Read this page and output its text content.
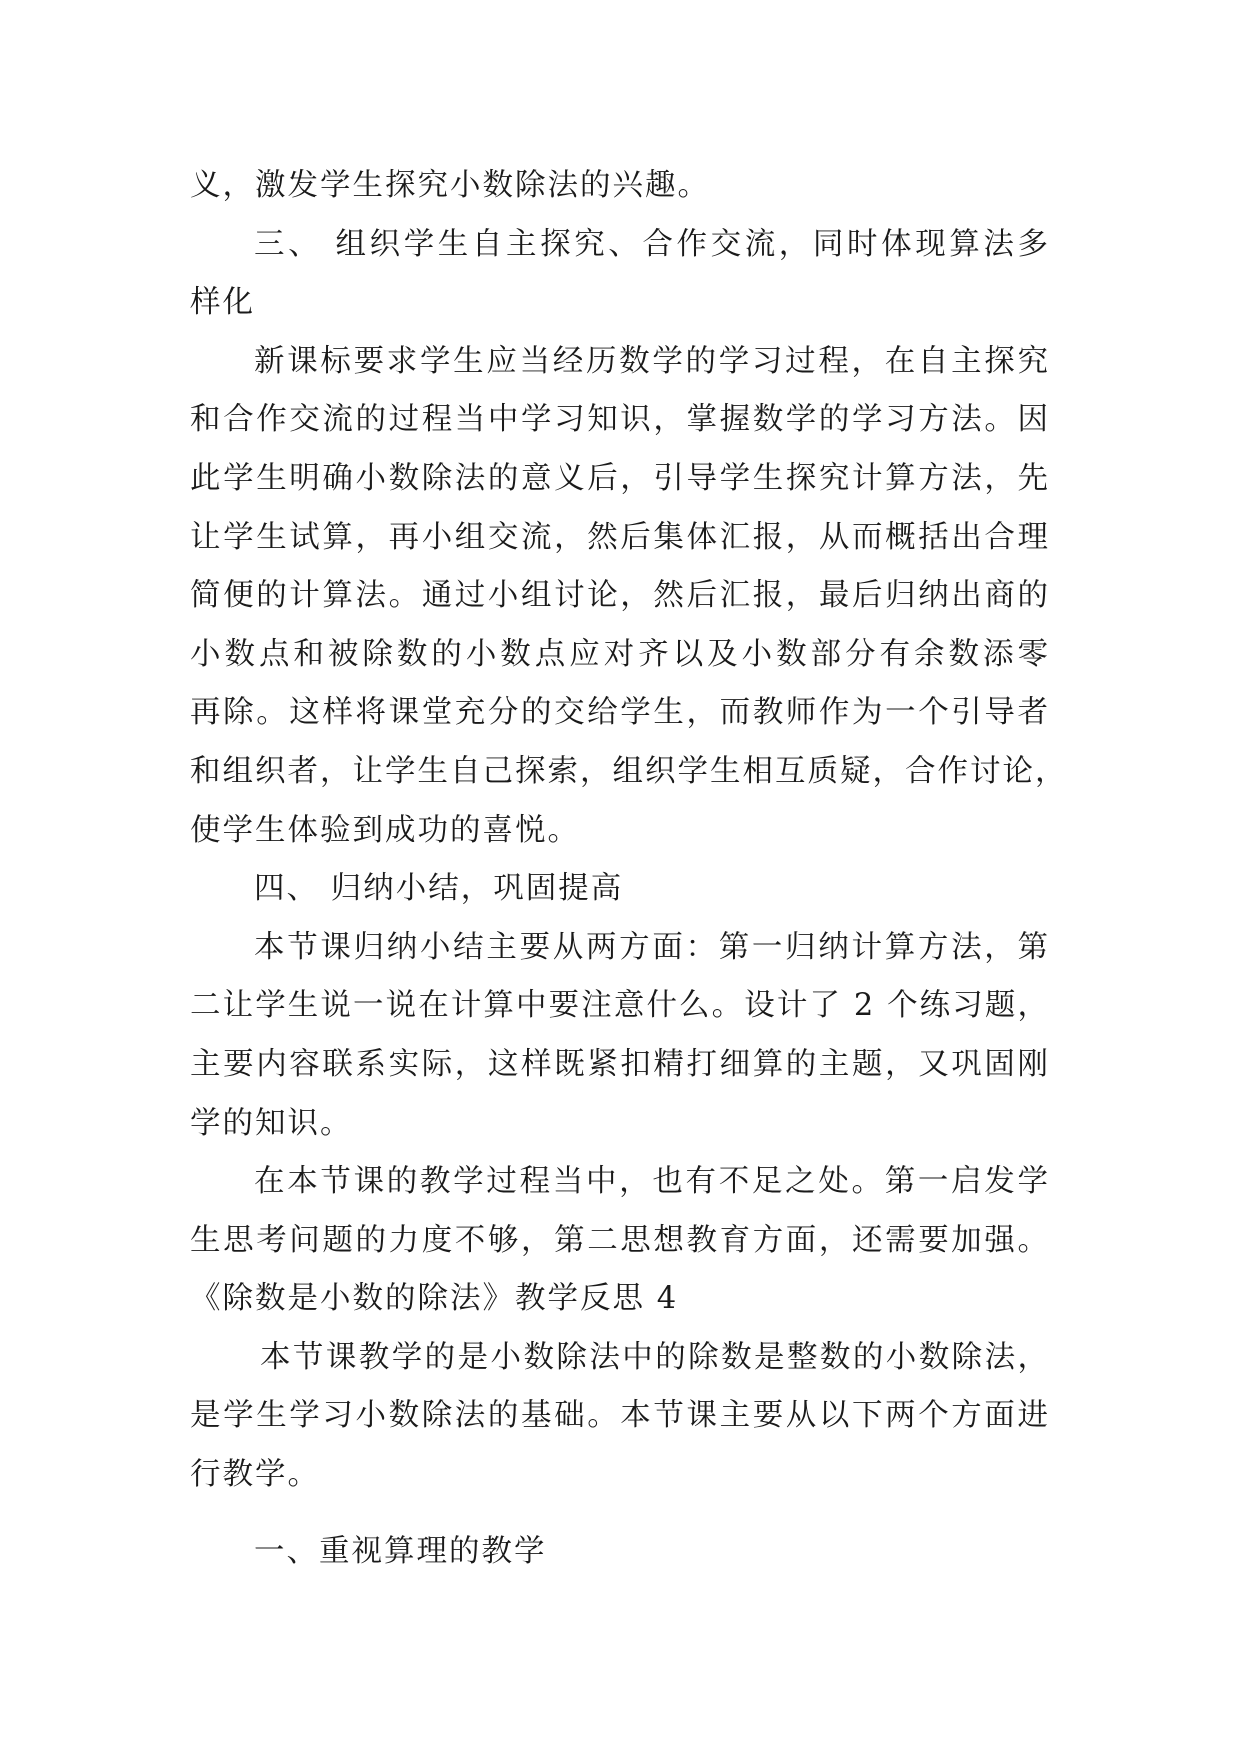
义，激发学生探究小数除法的兴趣。
三、 组织学生自主探究、合作交流，同时体现算法多
样化
新课标要求学生应当经历数学的学习过程，在自主探究
和合作交流的过程当中学习知识，掌握数学的学习方法。因
此学生明确小数除法的意义后，引导学生探究计算方法，先
让学生试算，再小组交流，然后集体汇报，从而概括出合理
简便的计算法。通过小组讨论，然后汇报，最后归纳出商的
小数点和被除数的小数点应对齐以及小数部分有余数添零
再除。这样将课堂充分的交给学生，而教师作为一个引导者
和组织者，让学生自己探索，组织学生相互质疑，合作讨论，
使学生体验到成功的喜悦。
四、 归纳小结，巩固提高
本节课归纳小结主要从两方面：第一归纳计算方法，第
二让学生说一说在计算中要注意什么。设计了 2 个练习题，
主要内容联系实际，这样既紧扣精打细算的主题，又巩固刚
学的知识。
在本节课的教学过程当中，也有不足之处。第一启发学
生思考问题的力度不够，第二思想教育方面，还需要加强。
《除数是小数的除法》教学反思 4
本节课教学的是小数除法中的除数是整数的小数除法，
是学生学习小数除法的基础。本节课主要从以下两个方面进
行教学。
一、重视算理的教学
